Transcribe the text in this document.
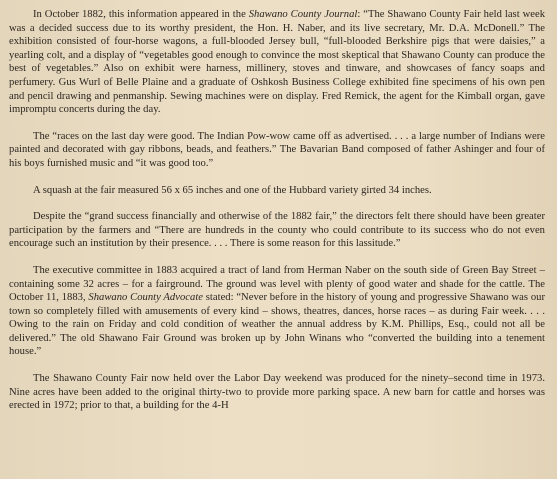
In October 1882, this information appeared in the Shawano County Journal: “The Shawano County Fair held last week was a decided success due to its worthy president, the Hon. H. Naber, and its live secretary, Mr. D.A. McDonell.” The exhibition consisted of four-horse wagons, a full-blooded Jersey bull, “full-blooded Berkshire pigs that were daisies,” a yearling colt, and a display of “vegetables good enough to convince the most skeptical that Shawano County can produce the best of vegetables.” Also on exhibit were harness, millinery, stoves and tinware, and showcases of fancy soaps and perfumery. Gus Wurl of Belle Plaine and a graduate of Oshkosh Business College exhibited fine specimens of his own pen and pencil drawing and penmanship. Sewing machines were on display. Fred Remick, the agent for the Kimball organ, gave impromptu concerts during the day.

The “races on the last day were good. The Indian Pow-wow came off as advertised. . . . a large number of Indians were painted and decorated with gay ribbons, beads, and feathers.” The Bavarian Band composed of father Ashinger and four of his boys furnished music and “it was good too.”

A squash at the fair measured 56 x 65 inches and one of the Hubbard variety girted 34 inches.

Despite the “grand success financially and otherwise of the 1882 fair,” the directors felt there should have been greater participation by the farmers and “There are hundreds in the county who could contribute to its success who do not even encourage such an institution by their presence. . . . There is some reason for this lassitude.”

The executive committee in 1883 acquired a tract of land from Herman Naber on the south side of Green Bay Street – containing some 32 acres – for a fairground. The ground was level with plenty of good water and shade for the cattle. The October 11, 1883, Shawano County Advocate stated: “Never before in the history of young and progressive Shawano was our town so completely filled with amusements of every kind – shows, theatres, dances, horse races – as during Fair week. . . . Owing to the rain on Friday and cold condition of weather the annual address by K.M. Phillips, Esq., could not all be delivered.” The old Shawano Fair Ground was broken up by John Winans who “converted the building into a tenement house.”

The Shawano County Fair now held over the Labor Day weekend was produced for the ninety–second time in 1973. Nine acres have been added to the original thirty-two to provide more parking space. A new barn for cattle and horses was erected in 1972; prior to that, a building for the 4-H
